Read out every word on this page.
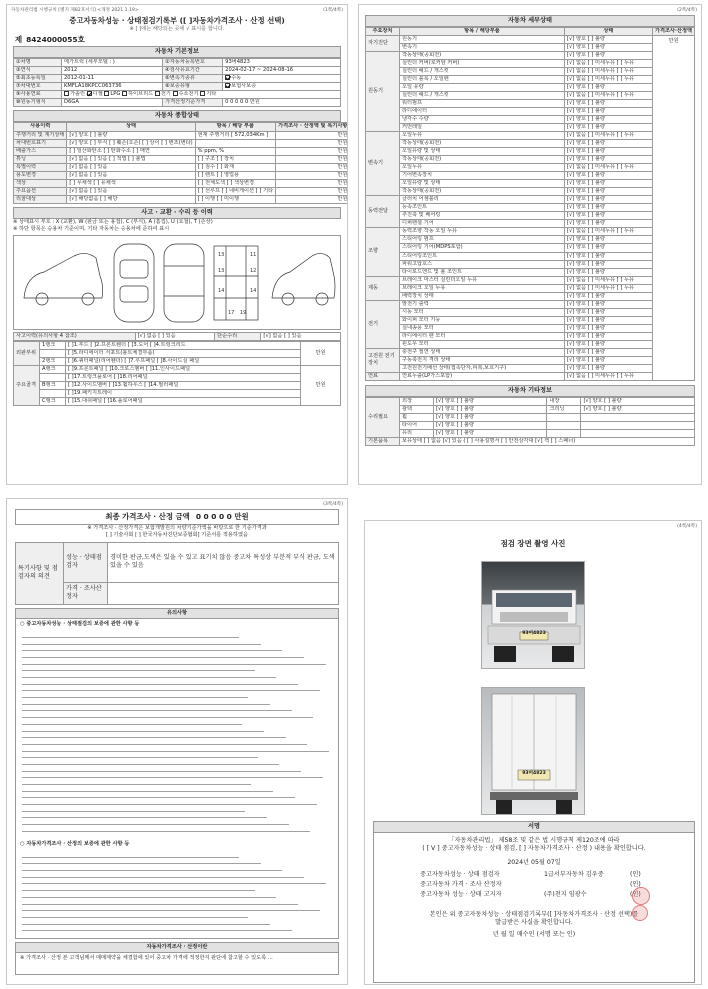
자동차관리법 시행규칙 [별지 제82호서식] <개정 2021.1.19>	(1쪽/4쪽)
중고자동차성능 · 상태점검기록부 ([ ]자동차가격조사 · 산정 선택)
※ [ ]에는 해당되는 곳에 √ 표시를 합니다.
제 8424000055호
자동차 기본정보
①차명	메가트럭 (세부모델 : )	②자동차등록번호	93버4823
③연식	2012	④검사유효기간	2024-02-17 ~ 2024-08-16
⑤최초등록일	2012-01-11	⑥변속기종류	수동
⑦차대번호	KMFLA18KPCC063736	⑧보증유형	보험사보증
⑨사용연료	가솔린 디젤 LPG 하이브리드 전기 수소전기 기타		
⑩원동기형식	D6GA	가격산정기준가격	0 0 0 0 0 만원
자동차 종합상태
사용이력	상태	항목 / 해당 부품	가격조사 · 산정액 및 특기사항
주행거리 및 계기상태	[√] 양호 [ ] 불량	현재 주행거리 [ 572,034Km ]	만원
차대번호표기	[√] 양호 [ ] 부식 [ ] 훼손(오손) [ ] 상이 [ ] 변조(변타)		만원
배출가스	[ ] 일산화탄소 [ ] 탄화수소 [ ] 매연	% ppm, %	만원
튜닝	[√] 없음 [ ] 있음 [ ] 적법 [ ] 불법	[ ] 구조 [ ] 장치	만원
특별이력	[√] 없음 [ ] 있음	[ ] 침수 [ ] 화재	만원
용도변경	[√] 없음 [ ] 있음	[ ] 렌트 [ ] 영업용	만원
색상	[ ] 무채색 [ ] 유채색	[ ] 전체도색 [ ] 색상변경	만원
주요옵션	[√] 없음 [ ] 있음	[ ] 선루프 [ ] 네비게이션 [ ] 기타	만원
리콜대상	[√] 해당없음 [ ] 해당	[ ] 이행 [ ] 미이행	만원
사고 · 교환 · 수리 등 이력
※ 상태표시 부호 : X (교환), W (판금 또는 용접), C (부식), A (흠집), U (요철), T (손상)
※ 하단 항목은 승용차 기준이며, 기타 자동차는 승용차에 준하여 표시
13	11
13	12
14	14
17 19
사고이력(유의사항 4 참조)	[√] 없음 [ ] 있음	단순수리	[√] 없음 [ ] 있음
외판부위	1랭크	[ ]1.후드 [ ]2.프론트휀더 [ ]3.도어 [ ]4.트렁크리드	만원
		[ ]5.라디에이터 서포트(볼트체결부품)	
	2랭크	[ ]6.쿼터패널(리어휀더) [ ]7.루프패널 [ ]8.사이드실 패널	
주요골격	A랭크	[ ]9.프론트패널 [ ]10.크로스멤버 [ ]11.인사이드패널	만원
		[ ]17.트렁크플로어 [ ]18.리어패널	
	B랭크	[ ]12.사이드멤버 [ ]13.휠하우스 [ ]14.필러패널	
		[ ]19.패키지트레이	
	C랭크	[ ]15.대쉬패널 [ ]16.플로어패널	
(2쪽/4쪽)
자동차 세부상태
주요장치	항목 / 해당부품	상태	가격조사·산정액
자기진단	원동기	[√] 양호 [ ] 불량	만원
	변속기	[√] 양호 [ ] 불량	
원동기	작동상태(공회전)	[√] 양호 [ ] 불량	
	실린더 커버(로커암 커버)	[√] 없음 [ ] 미세누유 [ ] 누유	
	실린더 헤드 / 개스킷	[√] 없음 [ ] 미세누유 [ ] 누유	
	실린더 블록 / 오일팬	[√] 없음 [ ] 미세누유 [ ] 누유	
	오일 유량	[√] 양호 [ ] 불량	
	실린더 헤드 / 개스킷	[√] 없음 [ ] 미세누유 [ ] 누유	
	워터펌프	[√] 양호 [ ] 불량	
	라디에이터	[√] 양호 [ ] 불량	
	냉각수 수량	[√] 양호 [ ] 불량	
	커먼레일	[√] 양호 [ ] 불량	
변속기	오일누유	[√] 없음 [ ] 미세누유 [ ] 누유	
	작동상태(공회전)	[√] 양호 [ ] 불량	
	오일유량 및 상태	[√] 양호 [ ] 불량	
	작동상태(공회전)	[√] 양호 [ ] 불량	
	오일누유	[√] 없음 [ ] 미세누유 [ ] 누유	
	기어변속장치	[√] 양호 [ ] 불량	
	오일유량 및 상태	[√] 양호 [ ] 불량	
	작동상태(공회전)	[√] 양호 [ ] 불량	
동력전달	클러치 어셈블리	[√] 양호 [ ] 불량	
	등속조인트	[√] 양호 [ ] 불량	
	추진축 및 베어링	[√] 양호 [ ] 불량	
	디퍼렌셜 기어	[√] 양호 [ ] 불량	
조향	동력조향 작동 오일 누유	[√] 없음 [ ] 미세누유 [ ] 누유	
	스티어링 펌프	[√] 양호 [ ] 불량	
	스티어링 기어(MDPS포함)	[√] 양호 [ ] 불량	
	스티어링조인트	[√] 양호 [ ] 불량	
	파워고압호스	[√] 양호 [ ] 불량	
	타이로드엔드 및 볼 조인트	[√] 양호 [ ] 불량	
제동	브레이크 마스터 실린더오일 누유	[√] 없음 [ ] 미세누유 [ ] 누유	
	브레이크 오일 누유	[√] 없음 [ ] 미세누유 [ ] 누유	
	배력장치 상태	[√] 양호 [ ] 불량	
전기	발전기 출력	[√] 양호 [ ] 불량	
	시동 모터	[√] 양호 [ ] 불량	
	와이퍼 모터 기능	[√] 양호 [ ] 불량	
	실내송풍 모터	[√] 양호 [ ] 불량	
	라디에이터 팬 모터	[√] 양호 [ ] 불량	
	윈도우 모터	[√] 양호 [ ] 불량	
고전원 전기장치	충전구 절연 상태	[√] 양호 [ ] 불량	
	구동축전지 격리 상태	[√] 양호 [ ] 불량	
	고전원전기배선 상태(접속단자,피복,보호기구)	[√] 양호 [ ] 불량	
연료	연료누출(LP가스포함)	[√] 없음 [ ] 미세누유 [ ] 누유	
자동차 기타정보
수리필요	외장	[√] 양호 [ ] 불량	내장	[√] 양호 [ ] 불량
	광택	[√] 양호 [ ] 불량	크리닝	[√] 양호 [ ] 불량
	휠	[√] 양호 [ ] 불량		
	타이어	[√] 양호 [ ] 불량		
	유리	[√] 양호 [ ] 불량		
기본품목	보유상태 [ ] 없음 [√] 있음 ( [ ] 사용설명서 [ ] 안전삼각대 [√] 잭 [ ] 스패너)			
(3쪽/4쪽)
최종 가격조사 · 산정 금액 0 0 0 0 0 만원
※ 가격조사 · 산정가격은 보험개발원의 차량기준가액을 바탕으로 한 기준가격과
[ ] 기술사회 [ ] 한국자동차진단보증협회] 기준서를 적용하였음
특기사항 및 점검자의 의견	성능 · 상태점검자	경미한 판금,도색은 있을 수 있고 표기치 않음 중고차 특성상 부분적 부식 판금, 도색 있을 수 있음
	가격 · 조사산정자	
유의사항
○ 중고자동차성능 · 상태점검의 보증에 관한 사항 등
○ 자동차가격조사 · 산정의 보증에 관한 사항 등
자동차가격조사 · 산정이란
※ 가격조사 · 산정 본 고객님께서 매매계약을 체결함에 있어 중고차 가격에 적정한지 판단에 참고할 수 있도록 ...
(4쪽/4쪽)
점검 장면 촬영 사진
93버4823
93버4823
서명
「자동차관리법」 제58조 및 같은 법 시행규칙 제120조에 따라
( [ V ] 중고자동차성능 · 상태 점검, [ ] 자동차가격조사 · 산정 ) 내용을 확인합니다.
2024년 05월 07일
중고자동차성능 · 상태 점검자	1급서부자동차 김우중	(인)
중고자동차 가격 · 조사 산정자	(인)
중고자동차 성능 · 상태 고지자	(주)천지 임광수	(인)
본인은 위 중고자동차성능 · 상태점검기록부([ ]자동차가격조사 · 산정 선택)를
발급받은 사실을 확인합니다.
년 월 일 매수인 (서명 또는 인)
